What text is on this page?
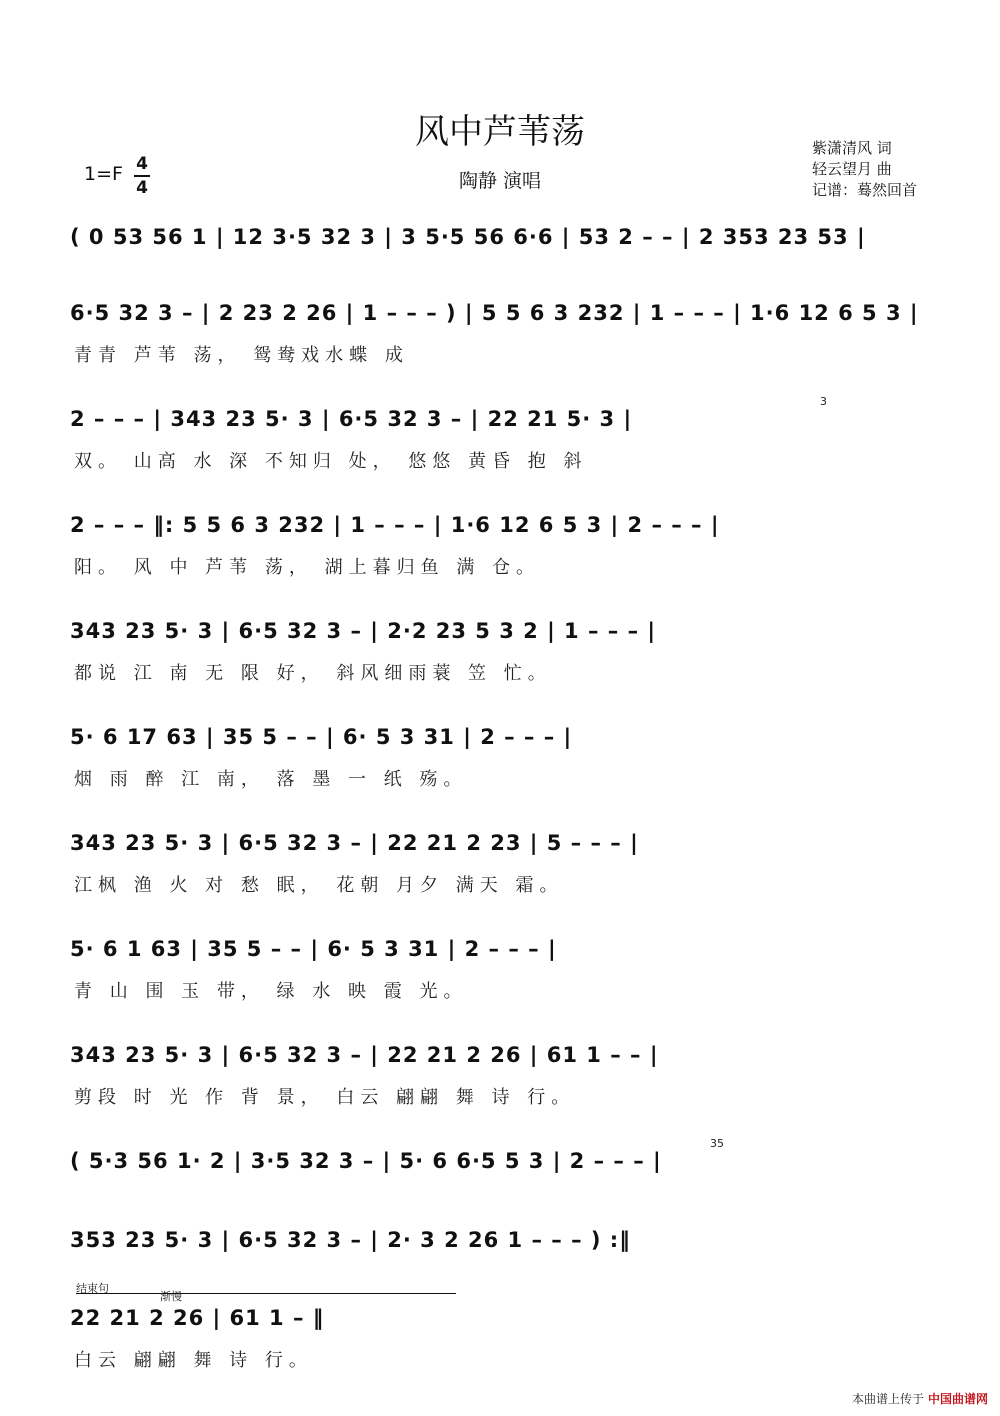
风中芦苇荡
1=F 4
4	陶静 演唱
紫潇清风 词
轻云望月 曲
记谱：蓦然回首
( 0 53 56 1 | 12 3·5 32 3 | 3 5·5 56 6·6 | 53 2 – – | 2 353 23 53 |
6·5 32 3 – | 2 23 2 26 | 1 – – – ) | 5 5 6 3 232 | 1 – – – | 1·6 12 6 5 3 |
青青 芦苇 荡， 鸳鸯戏水蝶 成
2 – – – | 343 23 5· 3 | 6·5 32 3 – | 22 21 5· 3 |
双。 山高 水 深 不知归 处， 悠悠 黄昏 抱 斜
3
2 – – – ‖: 5 5 6 3 232 | 1 – – – | 1·6 12 6 5 3 | 2 – – – |
阳。 风 中 芦苇 荡， 湖上暮归鱼 满 仓。
343 23 5· 3 | 6·5 32 3 – | 2·2 23 5 3 2 | 1 – – – |
都说 江 南 无 限 好， 斜风细雨蓑 笠 忙。
5· 6 17 63 | 35 5 – – | 6· 5 3 31 | 2 – – – |
烟 雨 醉 江 南， 落 墨 一 纸 殇。
343 23 5· 3 | 6·5 32 3 – | 22 21 2 23 | 5 – – – |
江枫 渔 火 对 愁 眠， 花朝 月夕 满天 霜。
5· 6 1 63 | 35 5 – – | 6· 5 3 31 | 2 – – – |
青 山 围 玉 带， 绿 水 映 霞 光。
343 23 5· 3 | 6·5 32 3 – | 22 21 2 26 | 61 1 – – |
剪段 时 光 作 背 景， 白云 翩翩 舞 诗 行。
( 5·3 56 1· 2 | 3·5 32 3 – | 5· 6 6·5 5 3 | 2 – – – |
35
353 23 5· 3 | 6·5 32 3 – | 2· 3 2 26 1 – – – ) :‖
结束句
渐慢
22 21 2 26 | 61 1 – ‖
白云 翩翩 舞 诗 行。
本曲谱上传于 中国曲谱网
